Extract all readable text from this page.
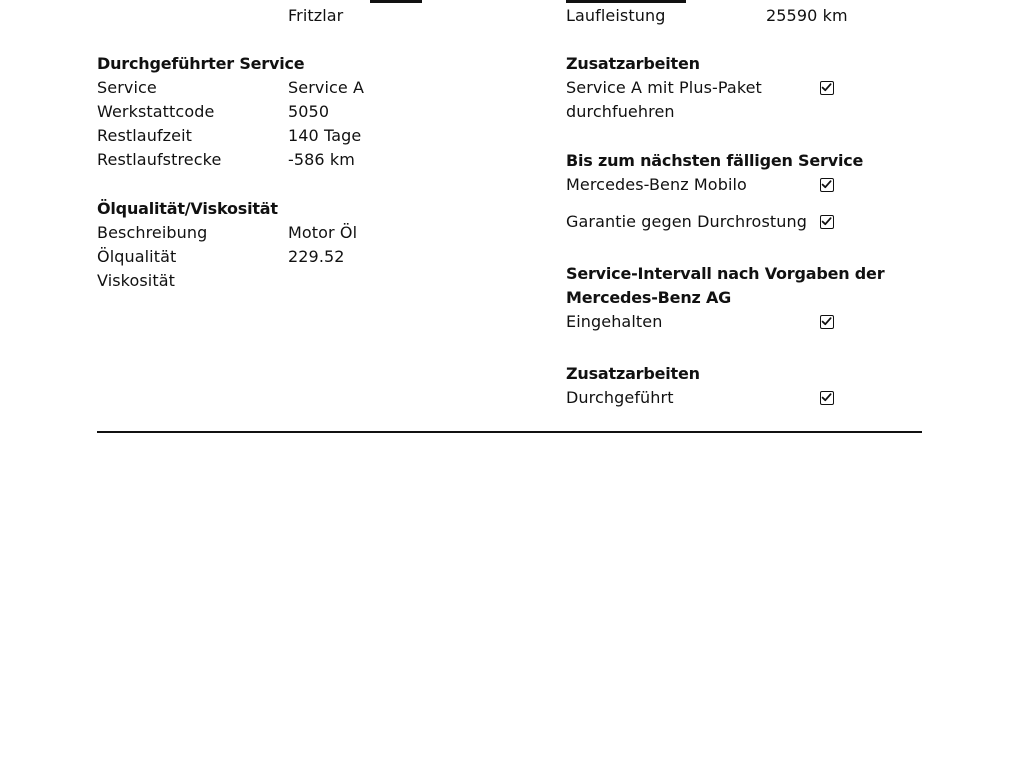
Fritzlar	Laufleistung	25590 km
Durchgeführter Service
Service	Service A
Werkstattcode	5050
Restlaufzeit	140 Tage
Restlaufstrecke	-586 km
Ölqualität/Viskosität
Beschreibung	Motor Öl
Ölqualität	229.52
Viskosität
Zusatzarbeiten
Service A mit Plus-Paket
durchfuehren
Bis zum nächsten fälligen Service
Mercedes-Benz Mobilo
Garantie gegen Durchrostung
Service-Intervall nach Vorgaben der
Mercedes-Benz AG
Eingehalten
Zusatzarbeiten
Durchgeführt
